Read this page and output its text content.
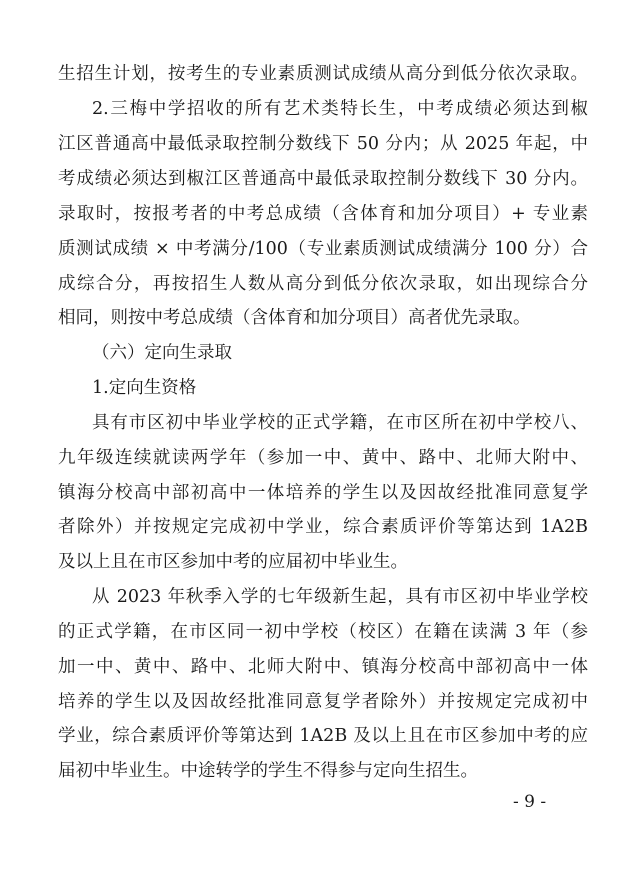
生招生计划，按考生的专业素质测试成绩从高分到低分依次录取。
2.三梅中学招收的所有艺术类特长生，中考成绩必须达到椒
江区普通高中最低录取控制分数线下 50 分内；从 2025 年起，中
考成绩必须达到椒江区普通高中最低录取控制分数线下 30 分内。
录取时，按报考者的中考总成绩（含体育和加分项目）+ 专业素
质测试成绩 × 中考满分/100（专业素质测试成绩满分 100 分）合
成综合分，再按招生人数从高分到低分依次录取，如出现综合分
相同，则按中考总成绩（含体育和加分项目）高者优先录取。
（六）定向生录取
1.定向生资格
具有市区初中毕业学校的正式学籍，在市区所在初中学校八、
九年级连续就读两学年（参加一中、黄中、路中、北师大附中、
镇海分校高中部初高中一体培养的学生以及因故经批准同意复学
者除外）并按规定完成初中学业，综合素质评价等第达到 1A2B
及以上且在市区参加中考的应届初中毕业生。
从 2023 年秋季入学的七年级新生起，具有市区初中毕业学校
的正式学籍，在市区同一初中学校（校区）在籍在读满 3 年（参
加一中、黄中、路中、北师大附中、镇海分校高中部初高中一体
培养的学生以及因故经批准同意复学者除外）并按规定完成初中
学业，综合素质评价等第达到 1A2B 及以上且在市区参加中考的应
届初中毕业生。中途转学的学生不得参与定向生招生。
- 9 -
